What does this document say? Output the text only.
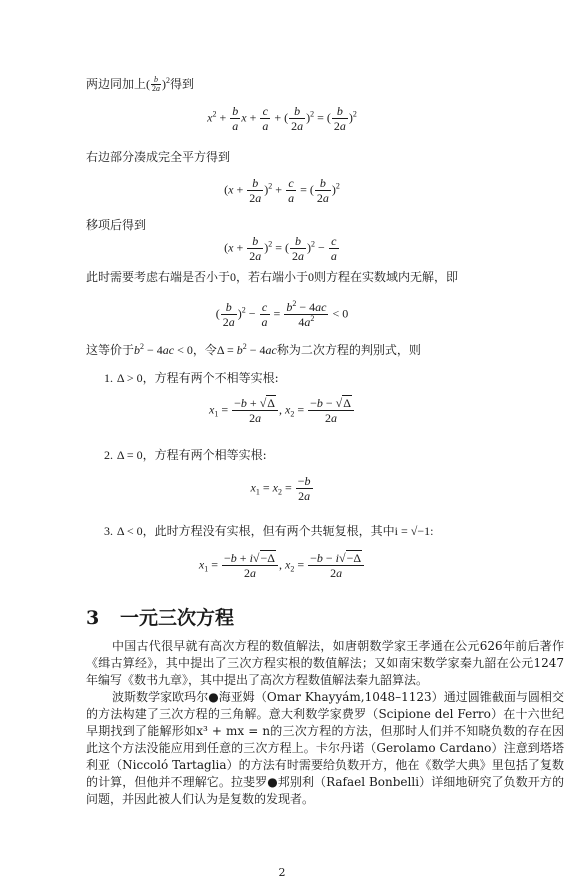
两边同加上( $\frac{b}{2a} )^2$得到
$x^2 + \frac{b}{a}$ $x + \frac{c}{a}$ + ( $\frac{b}{2a} )^2$ = ( $\frac{b}{2a} )^2$
右边部分凑成完全平方得到
$(x + \frac{b}{2a} )^2 + \frac{c}{a}$ = ( $\frac{b}{2a} )^2$
移项后得到
$(x + \frac{b}{2a} )^2$ = ( $\frac{b}{2a} )^2 - \frac{c}{a}$
此时需要考虑右端是否小于0，若右端小于0则方程在实数域内无解，即
( $\frac{b}{2a} )^2 - \frac{c}{a} = \frac{b^2 - 4ac}{4a^2} < 0$
这等价于$b^2 - 4ac < 0$，令$\Delta = b^2 - 4ac$称为二次方程的判别式，则
1. Δ > 0，方程有两个不相等实根:
$x_1 = \frac{-b + √\Delta}{2a}$ , $x_2 = \frac{-b - √\Delta}{2a}$
2. Δ = 0，方程有两个相等实根:
$x_1 = x_2 = \frac{-b}{2a}$
3. Δ < 0，此时方程没有实根，但有两个共轭复根，其中i = √−1:
$x_1 = \frac{-b + i√-\Delta}{2a}$ , $x_2 = \frac{-b - i√-\Delta}{2a}$
3 一元三次方程

中国古代很早就有高次方程的数值解法，如唐朝数学家王孝通在公元626年前后著作《缉古算经》，其中提出了三次方程实根的数值解法；又如南宋数学家秦九韶在公元1247年编写《数书九章》，其中提出了高次方程数值解法秦九韶算法。

波斯数学家欧玛尔●海亚姆（Omar Khayyám,1048–1123）通过圆锥截面与圆相交的方法构建了三次方程的三角解。意大利数学家费罗（Scipione del Ferro）在十六世纪早期找到了能解形如x³ + mx = n的三次方程的方法，但那时人们并不知晓负数的存在因此这个方法没能应用到任意的三次方程上。卡尔丹诺（Gerolamo Cardano）注意到塔塔利亚（Niccoló Tartaglia）的方法有时需要给负数开方，他在《数学大典》里包括了复数的计算，但他并不理解它。拉斐罗●邦别利（Rafael Bonbelli）详细地研究了负数开方的问题，并因此被人们认为是复数的发现者。

2
